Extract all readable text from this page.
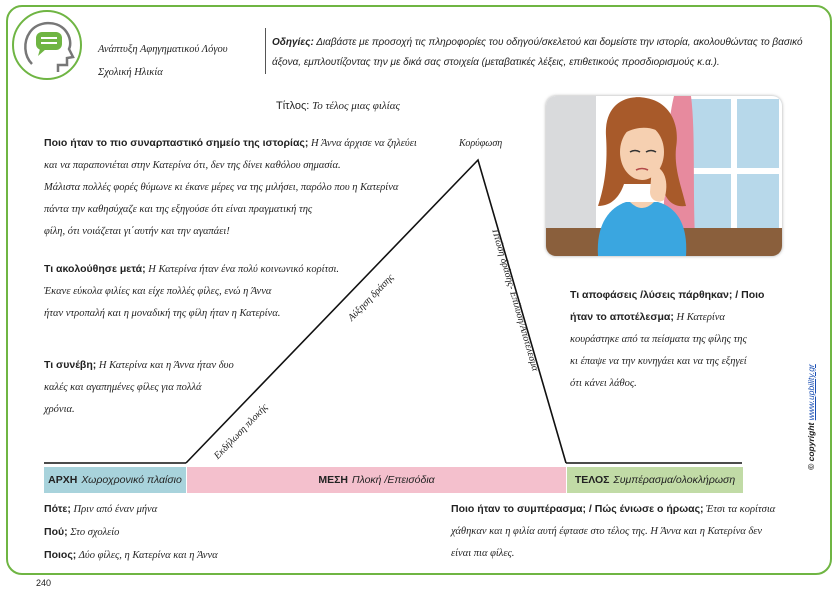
Ανάπτυξη Αφηγηματικού Λόγου
Σχολική Ηλικία
Οδηγίες: Διαβάστε με προσοχή τις πληροφορίες του οδηγού/σκελετού και δομείστε την ιστορία, ακολουθώντας το βασικό άξονα, εμπλουτίζοντας την με δικά σας στοιχεία (μεταβατικές λέξεις, επιθετικούς προσδιορισμούς κ.α.).
Τίτλος: Το τέλος μιας φιλίας
Ποιο ήταν το πιο συναρπαστικό σημείο της ιστορίας; Η Άννα άρχισε να ζηλεύει
και να παραπονιέται στην Κατερίνα ότι, δεν της δίνει καθόλου σημασία.
Μάλιστα πολλές φορές θύμωνε κι έκανε μέρες να της μιλήσει, παρόλο που η Κατερίνα
πάντα την καθησύχαζε και της εξηγούσε ότι είναι πραγματική της
φίλη, ότι νοιάζεται γι΄αυτήν και την αγαπάει!
Τι ακολούθησε μετά; Η Κατερίνα ήταν ένα πολύ κοινωνικό κορίτσι.
Έκανε εύκολα φιλίες και είχε πολλές φίλες, ενώ η Άννα
ήταν ντροπαλή και η μοναδική της φίλη ήταν η Κατερίνα.
Τι συνέβη; Η Κατερίνα και η Άννα ήταν δυο
καλές και αγαπημένες φίλες για πολλά
χρόνια.
Τι αποφάσεις /λύσεις πάρθηκαν; / Ποιο
ήταν το αποτέλεσμα; Η Κατερίνα
κουράστηκε από τα πείσματα της φίλης της
κι έπαψε να την κυνηγάει και να της εξηγεί
ότι κάνει λάθος.
Κορύφωση
Αύξηση δράσης
Εκδήλωση πλοκής
Πτώση δράσης- Επίλυση/Αποτέλεσμα
ΑΡΧΗ Χωροχρονικό πλαίσιο	ΜΕΣΗ Πλοκή /Επεισόδια	ΤΕΛΟΣ Συμπέρασμα/ολοκλήρωση
Πότε; Πριν από έναν μήνα
Πού; Στο σχολείο
Ποιος; Δύο φίλες, η Κατερίνα και η Άννα
Ποιο ήταν το συμπέρασμα; / Πώς ένιωσε ο ήρωας; Έτσι τα κορίτσια
χάθηκαν και η φιλία αυτή έφτασε στο τέλος της. Η Άννα και η Κατερίνα δεν
είναι πια φίλες.
© copyright www.upbility.gr
240
